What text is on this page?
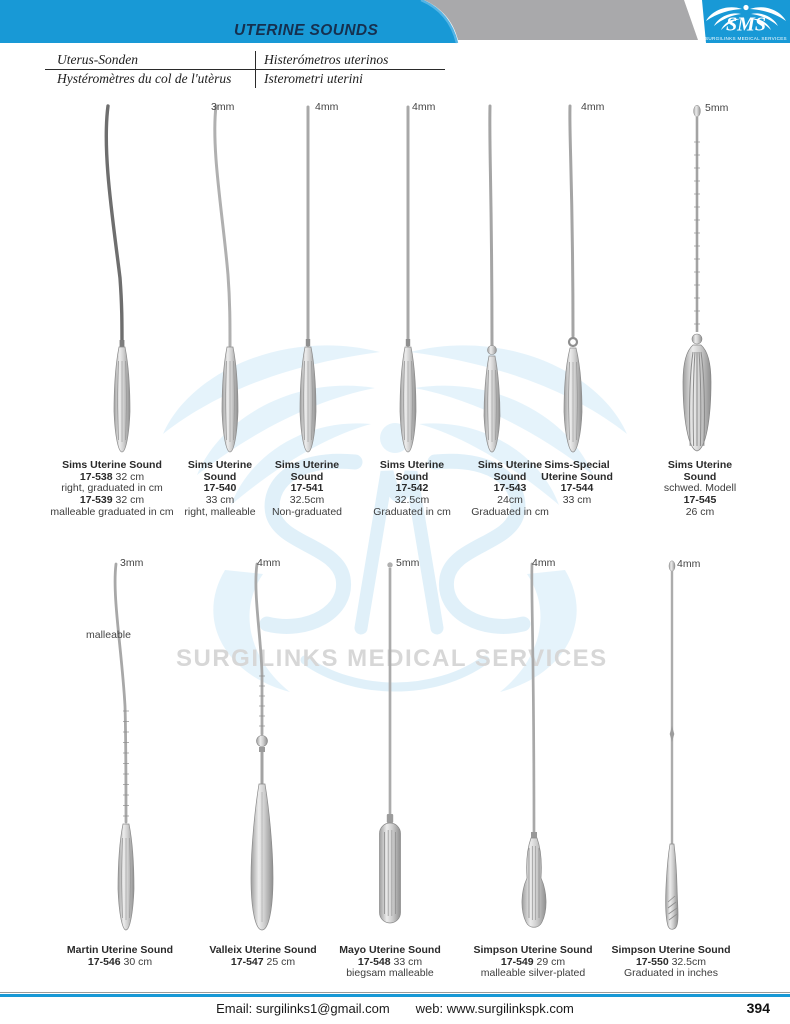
SMS
SURGILINKS MEDICAL SERVICES
UTERINE SOUNDS
Uterus-Sonden	Histerómetros uterinos
Hystéromètres du col de l'utèrus	Isterometri uterini
SURGILINKS MEDICAL SERVICES
Email: surgilinks1@gmail.com web: www.surgilinkspk.com	394
Sims Uterine Sound
17-538 32 cm
right, graduated in cm
17-539 32 cm
malleable graduated in cm
3mm
Sims Uterine
Sound
17-540
33 cm
right, malleable
4mm
Sims Uterine
Sound
17-541
32.5cm
Non-graduated
4mm
Sims Uterine
Sound
17-542
32.5cm
Graduated in cm
Sims Uterine
Sound
17-543
24cm
Graduated in cm
4mm
Sims-Special
Uterine Sound
17-544
33 cm
5mm
Sims Uterine
Sound
schwed. Modell
17-545
26 cm
3mm
malleable
Martin Uterine Sound
17-546 30 cm
4mm
Valleix Uterine Sound
17-547 25 cm
5mm
Mayo Uterine Sound
17-548 33 cm
biegsam malleable
4mm
Simpson Uterine Sound
17-549 29 cm
malleable silver-plated
4mm
Simpson Uterine Sound
17-550 32.5cm
Graduated in inches
